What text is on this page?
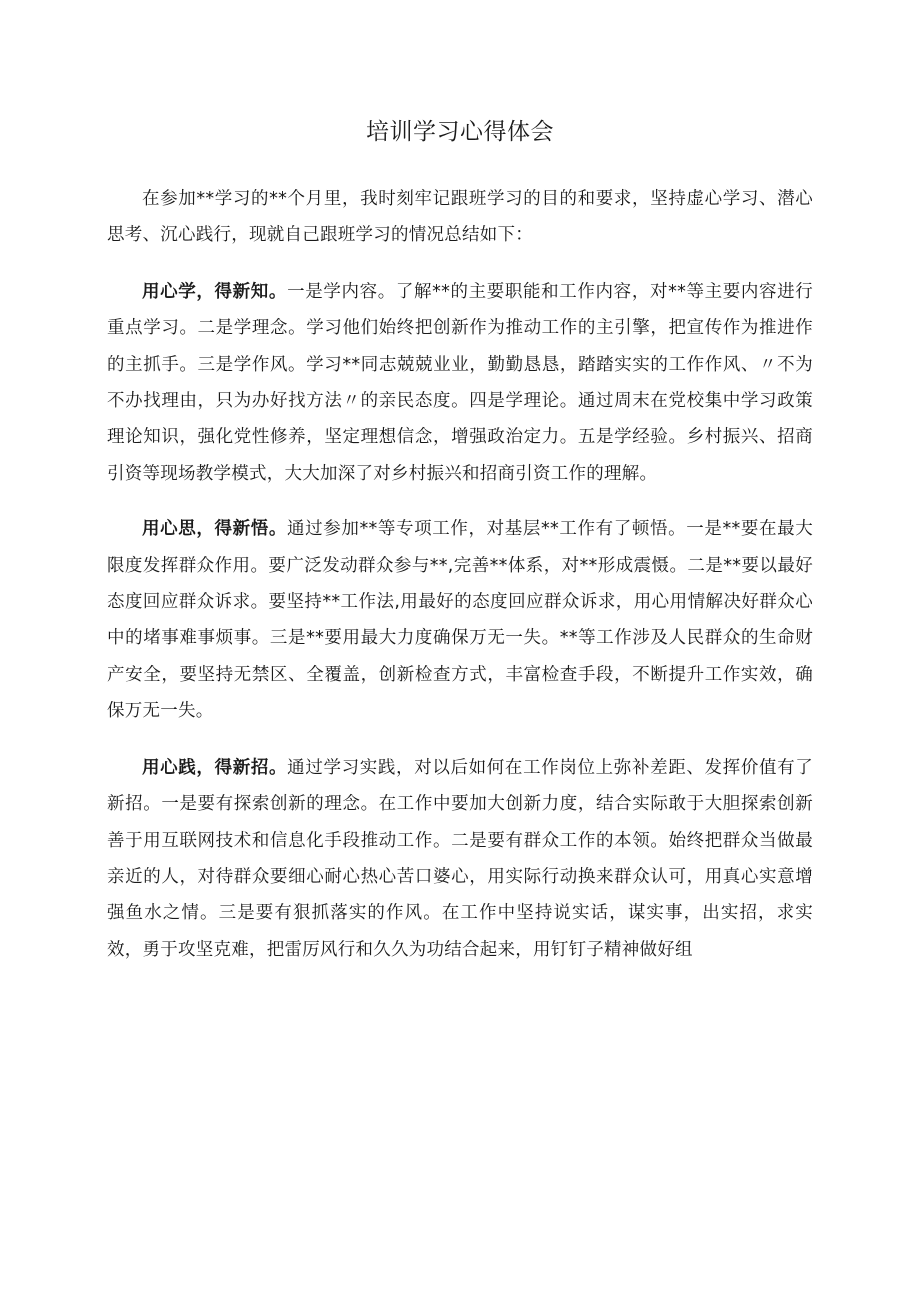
培训学习心得体会

在参加**学习的**个月里，我时刻牢记跟班学习的目的和要求，坚持虚心学习、潜心思考、沉心践行，现就自己跟班学习的情况总结如下：

用心学，得新知。一是学内容。了解**的主要职能和工作内容，对**等主要内容进行重点学习。二是学理念。学习他们始终把创新作为推动工作的主引擎，把宣传作为推进作的主抓手。三是学作风。学习**同志兢兢业业，勤勤恳恳，踏踏实实的工作作风、〃不为不办找理由，只为办好找方法〃的亲民态度。四是学理论。通过周末在党校集中学习政策理论知识，强化党性修养，坚定理想信念，增强政治定力。五是学经验。乡村振兴、招商引资等现场教学模式，大大加深了对乡村振兴和招商引资工作的理解。

用心思，得新悟。通过参加**等专项工作，对基层**工作有了顿悟。一是**要在最大限度发挥群众作用。要广泛发动群众参与**,完善**体系，对**形成震慑。二是**要以最好态度回应群众诉求。要坚持**工作法,用最好的态度回应群众诉求，用心用情解决好群众心中的堵事难事烦事。三是**要用最大力度确保万无一失。**等工作涉及人民群众的生命财产安全，要坚持无禁区、全覆盖，创新检查方式，丰富检查手段，不断提升工作实效，确保万无一失。

用心践，得新招。通过学习实践，对以后如何在工作岗位上弥补差距、发挥价值有了新招。一是要有探索创新的理念。在工作中要加大创新力度，结合实际敢于大胆探索创新善于用互联网技术和信息化手段推动工作。二是要有群众工作的本领。始终把群众当做最亲近的人，对待群众要细心耐心热心苦口婆心，用实际行动换来群众认可，用真心实意增强鱼水之情。三是要有狠抓落实的作风。在工作中坚持说实话，谋实事，出实招，求实效，勇于攻坚克难，把雷厉风行和久久为功结合起来，用钉钉子精神做好组
